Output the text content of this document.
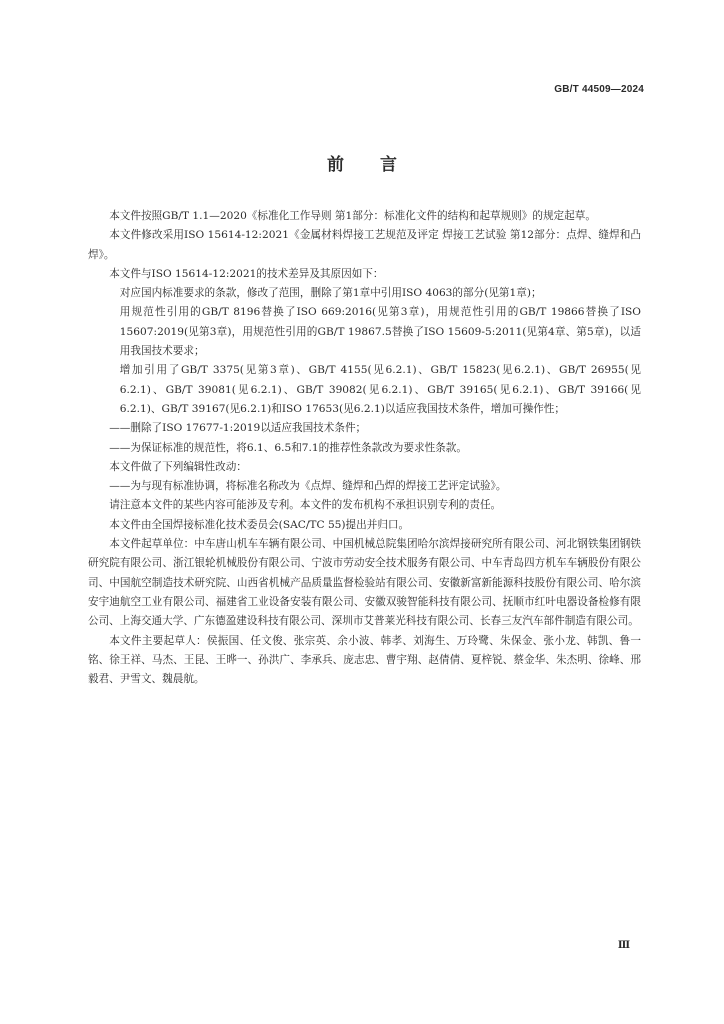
GB/T 44509—2024
前言

本文件按照GB/T 1.1—2020《标准化工作导则 第1部分：标准化文件的结构和起草规则》的规定起草。

本文件修改采用ISO 15614-12:2021《金属材料焊接工艺规范及评定 焊接工艺试验 第12部分：点焊、缝焊和凸焊》。

本文件与ISO 15614-12:2021的技术差异及其原因如下：

对应国内标准要求的条款，修改了范围，删除了第1章中引用ISO 4063的部分(见第1章)；

用规范性引用的GB/T 8196替换了ISO 669:2016(见第3章)，用规范性引用的GB/T 19866替换了ISO 15607:2019(见第3章)，用规范性引用的GB/T 19867.5替换了ISO 15609-5:2011(见第4章、第5章)，以适用我国技术要求；

增加引用了GB/T 3375(见第3章)、GB/T 4155(见6.2.1)、GB/T 15823(见6.2.1)、GB/T 26955(见6.2.1)、GB/T 39081(见6.2.1)、GB/T 39082(见6.2.1)、GB/T 39165(见6.2.1)、GB/T 39166(见6.2.1)、GB/T 39167(见6.2.1)和ISO 17653(见6.2.1)以适应我国技术条件，增加可操作性；

——删除了ISO 17677-1:2019以适应我国技术条件；

——为保证标准的规范性，将6.1、6.5和7.1的推荐性条款改为要求性条款。

本文件做了下列编辑性改动：

——为与现有标准协调，将标准名称改为《点焊、缝焊和凸焊的焊接工艺评定试验》。

请注意本文件的某些内容可能涉及专利。本文件的发布机构不承担识别专利的责任。

本文件由全国焊接标准化技术委员会(SAC/TC 55)提出并归口。

本文件起草单位：中车唐山机车车辆有限公司、中国机械总院集团哈尔滨焊接研究所有限公司、河北钢铁集团钢铁研究院有限公司、浙江银轮机械股份有限公司、宁波市劳动安全技术服务有限公司、中车青岛四方机车车辆股份有限公司、中国航空制造技术研究院、山西省机械产品质量监督检验站有限公司、安徽新富新能源科技股份有限公司、哈尔滨安宇迪航空工业有限公司、福建省工业设备安装有限公司、安徽双骏智能科技有限公司、抚顺市红叶电器设备检修有限公司、上海交通大学、广东德盈建设科技有限公司、深圳市艾普莱光科技有限公司、长春三友汽车部件制造有限公司。

本文件主要起草人：侯振国、任文俊、张宗英、余小波、韩孝、刘海生、万玲鹭、朱保金、张小龙、韩凯、鲁一铭、徐王祥、马杰、王昆、王晔一、孙洪广、李承兵、庞志忠、曹宇翔、赵倩倩、夏梓锐、蔡金华、朱杰明、徐峰、邢毅君、尹雪文、魏晨航。

Ⅲ
